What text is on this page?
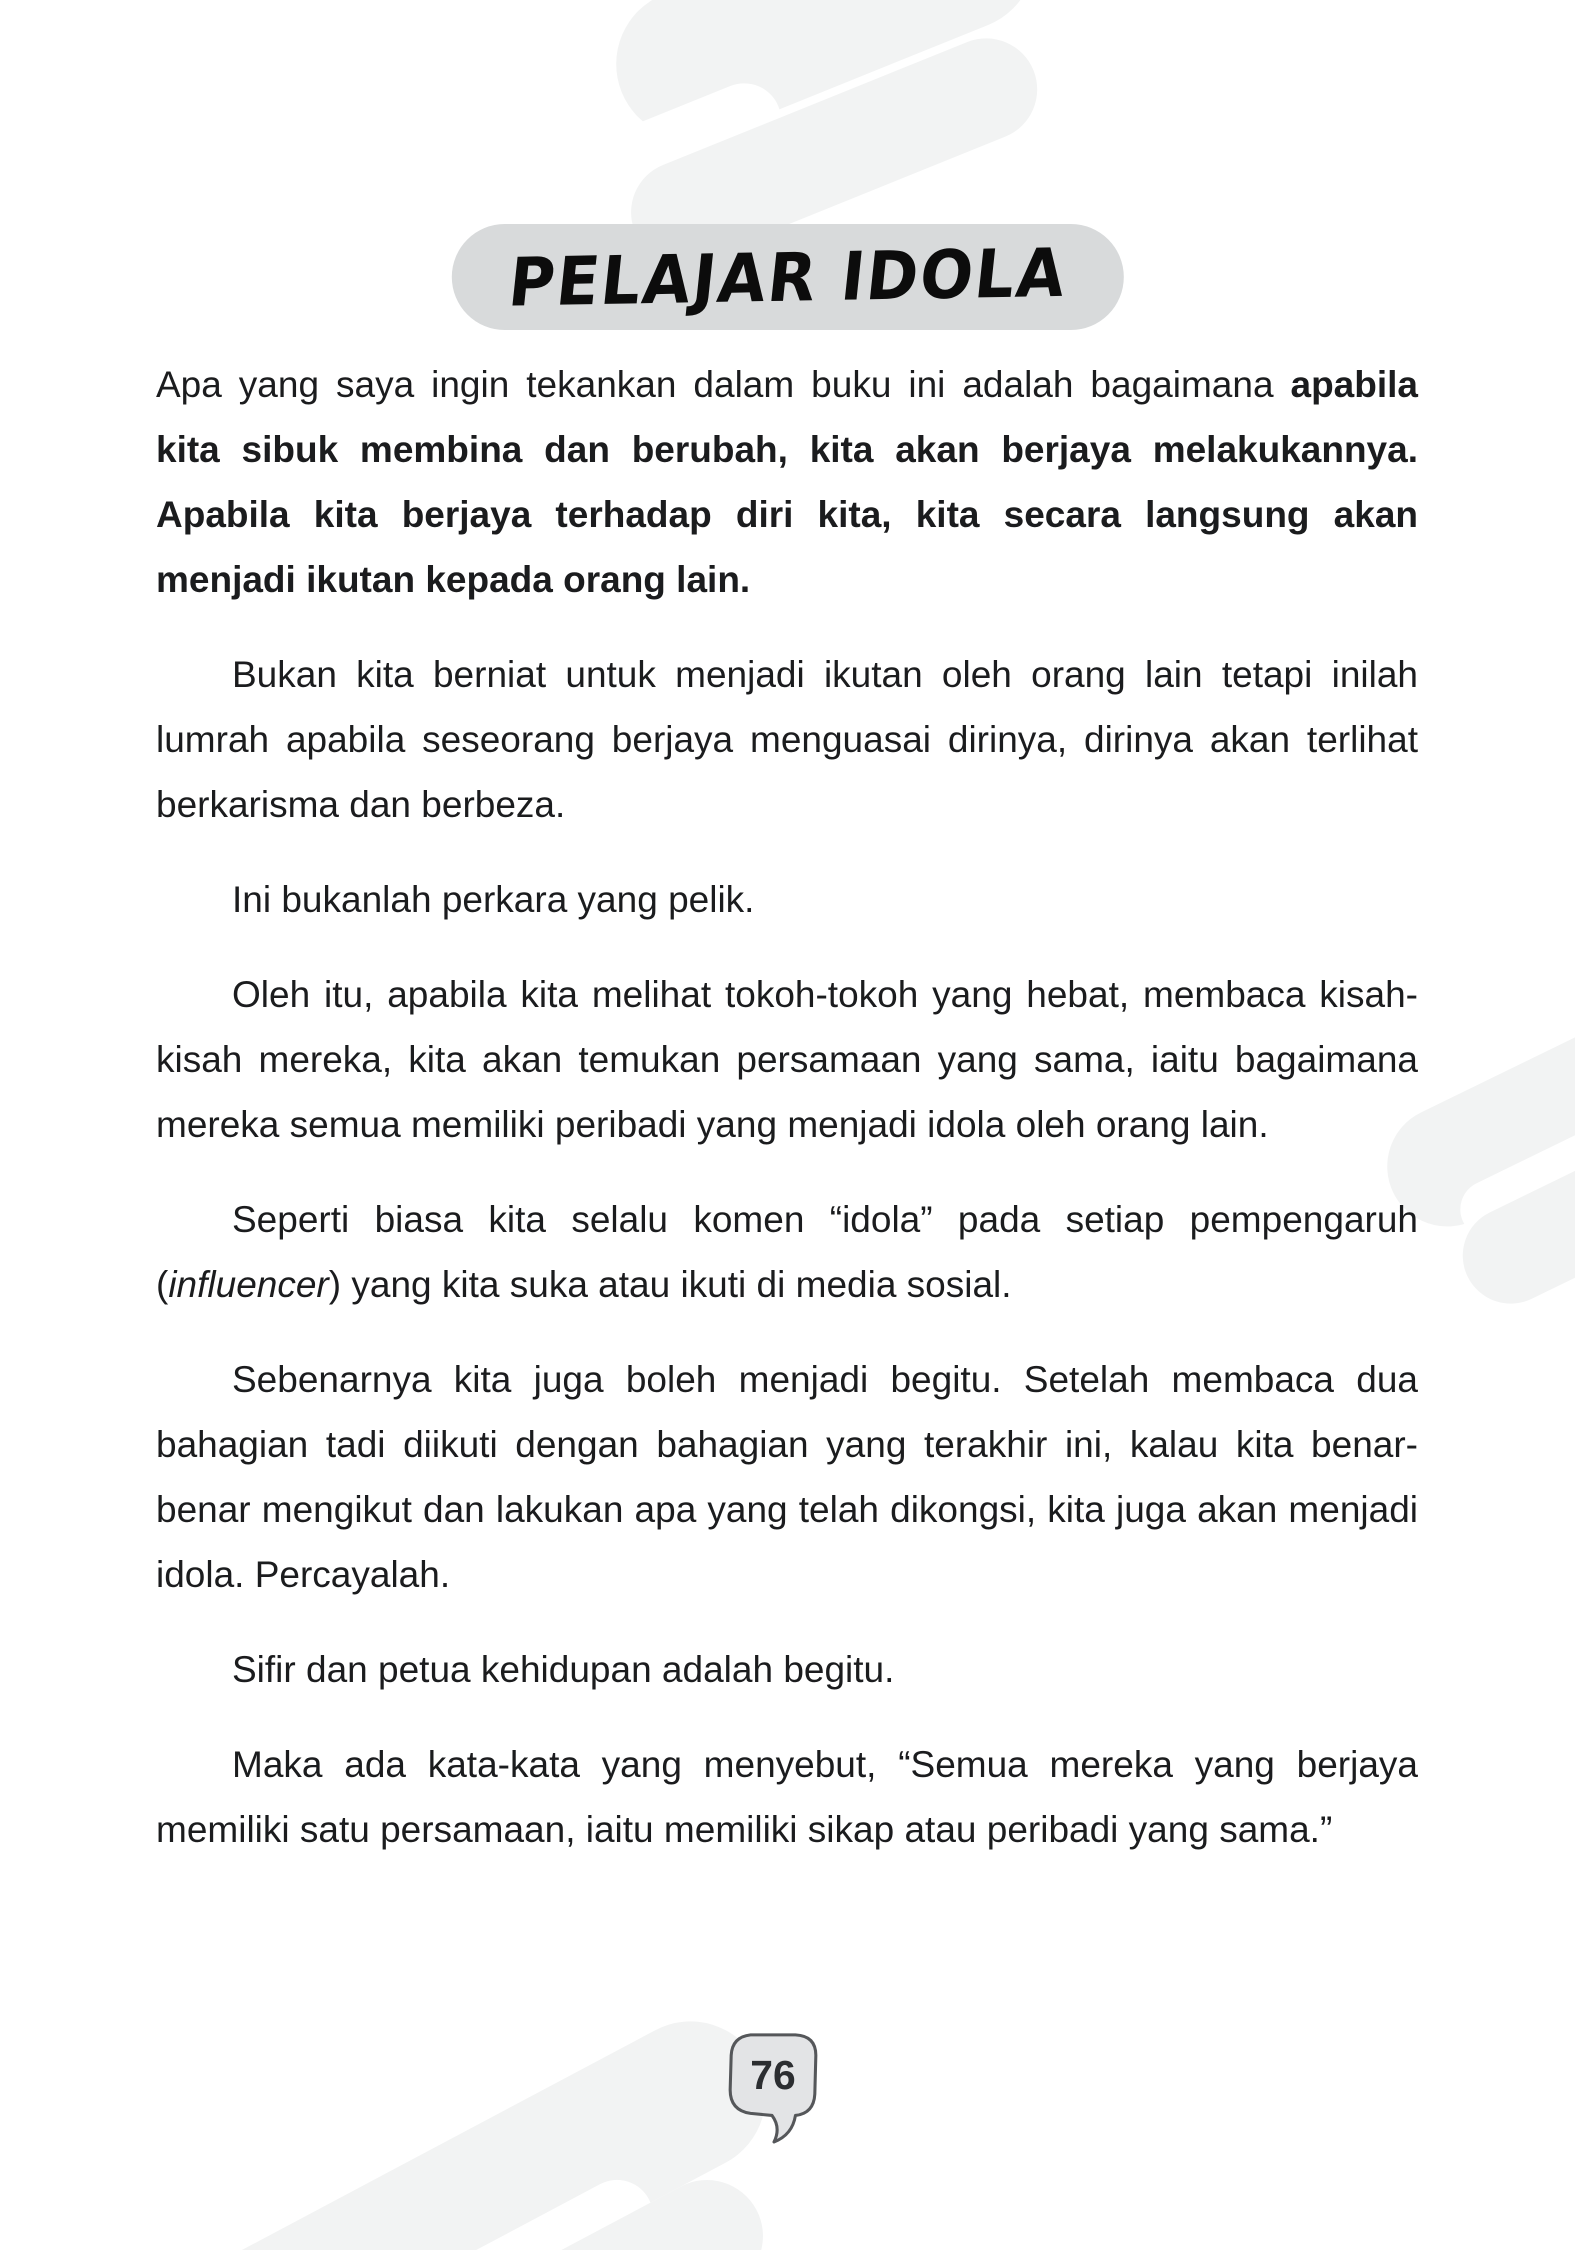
PELAJAR IDOLA

Apa yang saya ingin tekankan dalam buku ini adalah bagaimana apabila kita sibuk membina dan berubah, kita akan berjaya melakukannya. Apabila kita berjaya terhadap diri kita, kita secara langsung akan menjadi ikutan kepada orang lain.

Bukan kita berniat untuk menjadi ikutan oleh orang lain tetapi inilah lumrah apabila seseorang berjaya menguasai dirinya, dirinya akan terlihat berkarisma dan berbeza.

Ini bukanlah perkara yang pelik.

Oleh itu, apabila kita melihat tokoh-tokoh yang hebat, membaca kisah-kisah mereka, kita akan temukan persamaan yang sama, iaitu bagaimana mereka semua memiliki peribadi yang menjadi idola oleh orang lain.

Seperti biasa kita selalu komen “idola” pada setiap pempengaruh (influencer) yang kita suka atau ikuti di media sosial.

Sebenarnya kita juga boleh menjadi begitu. Setelah membaca dua bahagian tadi diikuti dengan bahagian yang terakhir ini, kalau kita benar-benar mengikut dan lakukan apa yang telah dikongsi, kita juga akan menjadi idola. Percayalah.

Sifir dan petua kehidupan adalah begitu.

Maka ada kata-kata yang menyebut, “Semua mereka yang berjaya memiliki satu persamaan, iaitu memiliki sikap atau peribadi yang sama.”

76
